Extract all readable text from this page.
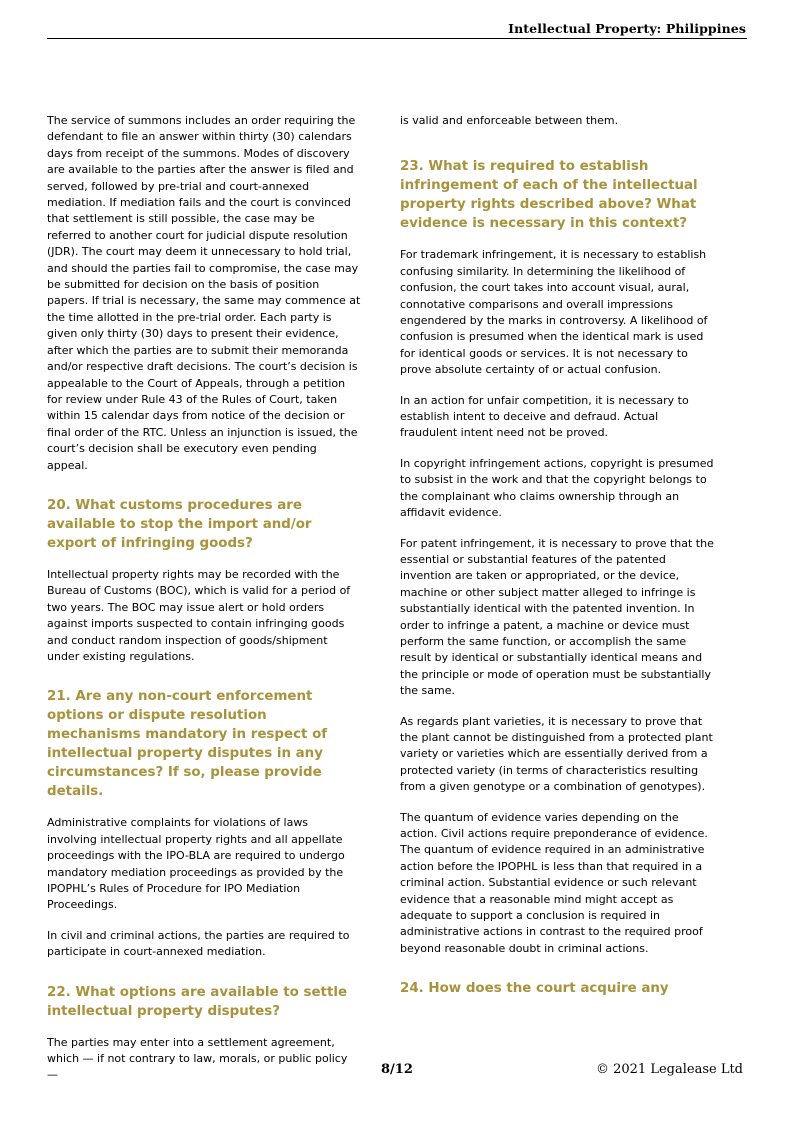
Intellectual Property: Philippines

The service of summons includes an order requiring the defendant to file an answer within thirty (30) calendars days from receipt of the summons. Modes of discovery are available to the parties after the answer is filed and served, followed by pre-trial and court-annexed mediation. If mediation fails and the court is convinced that settlement is still possible, the case may be referred to another court for judicial dispute resolution (JDR). The court may deem it unnecessary to hold trial, and should the parties fail to compromise, the case may be submitted for decision on the basis of position papers. If trial is necessary, the same may commence at the time allotted in the pre-trial order. Each party is given only thirty (30) days to present their evidence, after which the parties are to submit their memoranda and/or respective draft decisions. The court’s decision is appealable to the Court of Appeals, through a petition for review under Rule 43 of the Rules of Court, taken within 15 calendar days from notice of the decision or final order of the RTC. Unless an injunction is issued, the court’s decision shall be executory even pending appeal.

20. What customs procedures are available to stop the import and/or export of infringing goods?

Intellectual property rights may be recorded with the Bureau of Customs (BOC), which is valid for a period of two years. The BOC may issue alert or hold orders against imports suspected to contain infringing goods and conduct random inspection of goods/shipment under existing regulations.

21. Are any non-court enforcement options or dispute resolution mechanisms mandatory in respect of intellectual property disputes in any circumstances? If so, please provide details.

Administrative complaints for violations of laws involving intellectual property rights and all appellate proceedings with the IPO-BLA are required to undergo mandatory mediation proceedings as provided by the IPOPHL’s Rules of Procedure for IPO Mediation Proceedings.

In civil and criminal actions, the parties are required to participate in court-annexed mediation.

22. What options are available to settle intellectual property disputes?

The parties may enter into a settlement agreement, which — if not contrary to law, morals, or public policy —

is valid and enforceable between them.

23. What is required to establish infringement of each of the intellectual property rights described above? What evidence is necessary in this context?

For trademark infringement, it is necessary to establish confusing similarity. In determining the likelihood of confusion, the court takes into account visual, aural, connotative comparisons and overall impressions engendered by the marks in controversy. A likelihood of confusion is presumed when the identical mark is used for identical goods or services. It is not necessary to prove absolute certainty of or actual confusion.

In an action for unfair competition, it is necessary to establish intent to deceive and defraud. Actual fraudulent intent need not be proved.

In copyright infringement actions, copyright is presumed to subsist in the work and that the copyright belongs to the complainant who claims ownership through an affidavit evidence.

For patent infringement, it is necessary to prove that the essential or substantial features of the patented invention are taken or appropriated, or the device, machine or other subject matter alleged to infringe is substantially identical with the patented invention. In order to infringe a patent, a machine or device must perform the same function, or accomplish the same result by identical or substantially identical means and the principle or mode of operation must be substantially the same.

As regards plant varieties, it is necessary to prove that the plant cannot be distinguished from a protected plant variety or varieties which are essentially derived from a protected variety (in terms of characteristics resulting from a given genotype or a combination of genotypes).

The quantum of evidence varies depending on the action. Civil actions require preponderance of evidence. The quantum of evidence required in an administrative action before the IPOPHL is less than that required in a criminal action. Substantial evidence or such relevant evidence that a reasonable mind might accept as adequate to support a conclusion is required in administrative actions in contrast to the required proof beyond reasonable doubt in criminal actions.

24. How does the court acquire any
8/12	© 2021 Legalease Ltd
